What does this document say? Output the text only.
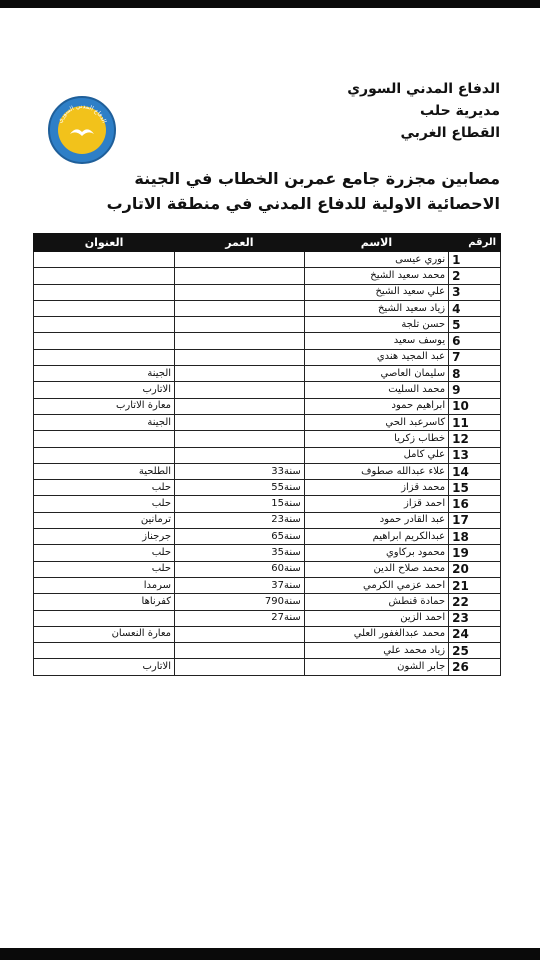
الدفاع المدني السوري
الدفاع المدني السوري
مديرية حلب
القطاع الغربي
مصابين مجزرة جامع عمربن الخطاب في الجينة
الاحصائية الاولية للدفاع المدني في منطقة الاتارب
الرقم	الاسم	العمر	العنوان
1	نوري عيسى		
2	محمد سعيد الشيخ		
3	علي سعيد الشيخ		
4	زياد سعيد الشيخ		
5	حسن تلجة		
6	يوسف سعيد		
7	عبد المجيد هندي		
8	سليمان العاصي		الجينة
9	محمد السليت		الاتارب
10	ابراهيم حمود		معارة الاتارب
11	كاسرعبد الحي		الجينة
12	خطاب زكريا		
13	علي كامل		
14	علاء عبدالله صطوف	33سنة	الطلحية
15	محمد قزاز	55سنة	حلب
16	احمد قزاز	15سنة	حلب
17	عبد القادر حمود	23سنة	ترمانين
18	عبدالكريم ابراهيم	65سنة	جرجناز
19	محمود بركاوي	35سنة	حلب
20	محمد صلاح الدين	60سنة	حلب
21	احمد عزمي الكرمي	37سنة	سرمدا
22	حمادة قنطش	790سنة	كفرناها
23	احمد الزين	27سنة	
24	محمد عبدالغفور العلي		معارة النعسان
25	زياد محمد علي		
26	جابر الشون		الاتارب
